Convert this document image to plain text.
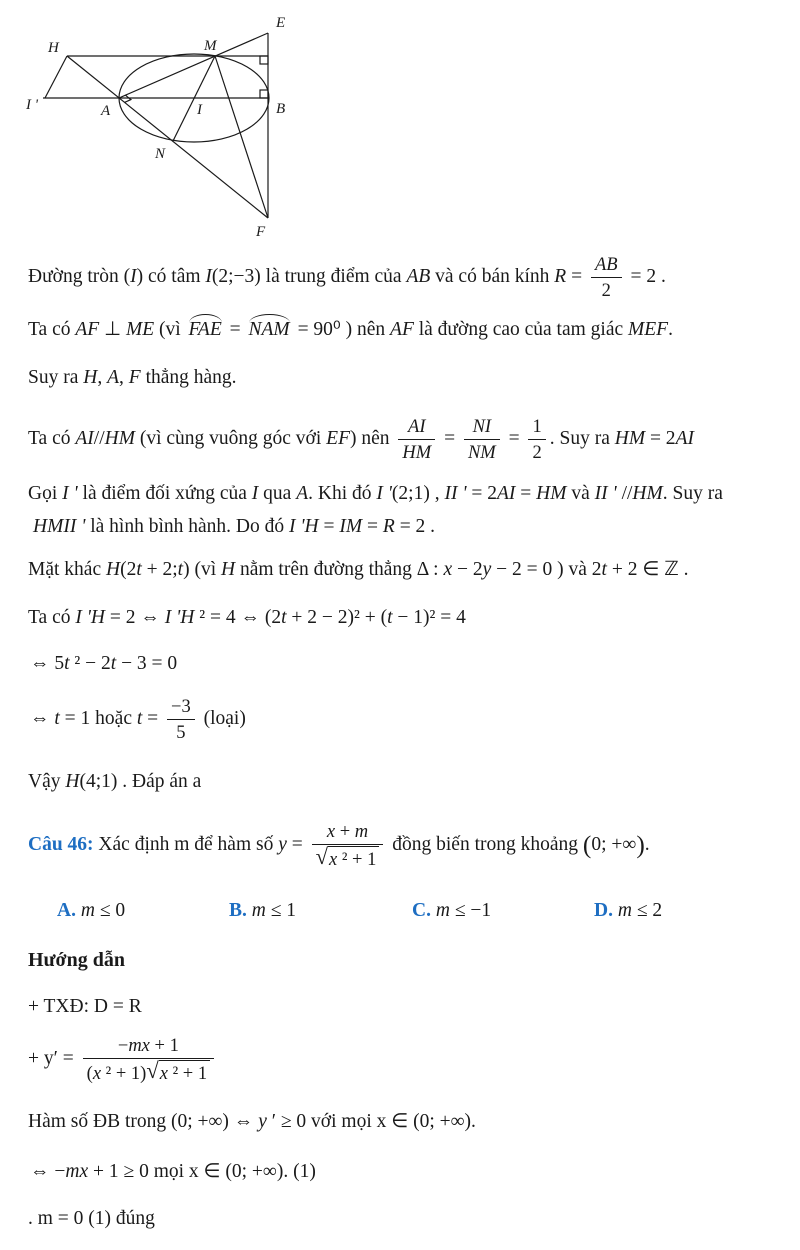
E
H	M
I '	A	I	B
N
F
Đường tròn (I) có tâm I(2;−3) là trung điểm của AB và có bán kính $R = \frac{AB}{2} = 2$ .
Ta có AF ⊥ ME (vì FAE = NAM = 90⁰ ) nên AF là đường cao của tam giác MEF.
Suy ra H, A, F thẳng hàng.
Ta có AI//HM (vì cùng vuông góc với EF) nên $\frac{AI}{HM} = \frac{NI}{NM} = \frac{1}{2}$ . Suy ra HM = 2AI
Gọi I ' là điểm đối xứng của I qua A. Khi đó I '(2;1) , II ' = 2AI = HM và II ' //HM. Suy ra
HMII ' là hình bình hành. Do đó I 'H = IM = R = 2 .
Mặt khác H(2t + 2;t) (vì H nằm trên đường thẳng Δ : x − 2y − 2 = 0 ) và 2t + 2 ∈ ℤ .
Ta có I 'H = 2 ⇔ I 'H ² = 4 ⇔ (2t + 2 − 2)² + (t − 1)² = 4
⇔ 5t ² − 2t − 3 = 0
⇔ t = 1 hoặc $t = \frac{-3}{5}$ (loại)
Vậy H(4;1) . Đáp án a
Câu 46: Xác định m để hàm số $y = \frac{x + m}{\text{√ x ² + 1}}$ đồng biến trong khoảng (0; +∞).
A. m ≤ 0	B. m ≤ 1	C. m ≤ −1	D. m ≤ 2
Hướng dẫn
+ TXĐ: D = R
+ $y' = \frac{-mx + 1}{\text{(x ² + 1) √ x ² + 1}}$
Hàm số ĐB trong (0; +∞) ⇔ y ′ ≥ 0 với mọi x ∈ (0; +∞).
⇔ −mx + 1 ≥ 0 mọi x ∈ (0; +∞). (1)
. m = 0 (1) đúng
